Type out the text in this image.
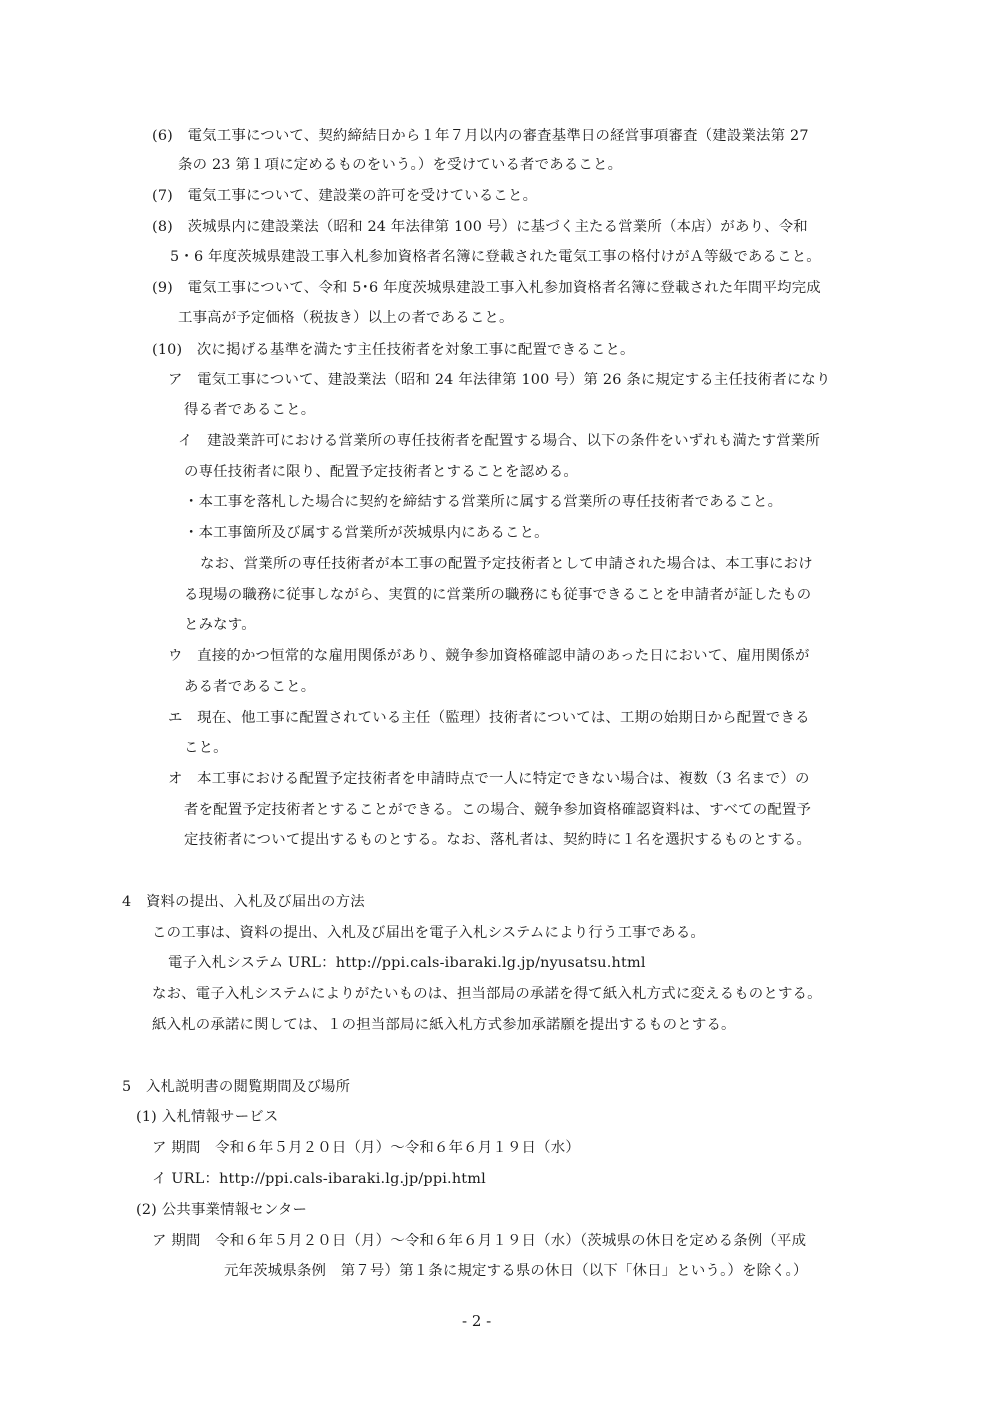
(6)　電気工事について、契約締結日から１年７月以内の審査基準日の経営事項審査（建設業法第 27
条の 23 第１項に定めるものをいう。）を受けている者であること。
(7)　電気工事について、建設業の許可を受けていること。
(8)　茨城県内に建設業法（昭和 24 年法律第 100 号）に基づく主たる営業所（本店）があり、令和
5・6 年度茨城県建設工事入札参加資格者名簿に登載された電気工事の格付けがＡ等級であること。
(9)　電気工事について、令和 5･6 年度茨城県建設工事入札参加資格者名簿に登載された年間平均完成
工事高が予定価格（税抜き）以上の者であること。
(10)　次に掲げる基準を満たす主任技術者を対象工事に配置できること。
ア　電気工事について、建設業法（昭和 24 年法律第 100 号）第 26 条に規定する主任技術者になり
得る者であること。
イ　建設業許可における営業所の専任技術者を配置する場合、以下の条件をいずれも満たす営業所
の専任技術者に限り、配置予定技術者とすることを認める。
・本工事を落札した場合に契約を締結する営業所に属する営業所の専任技術者であること。
・本工事箇所及び属する営業所が茨城県内にあること。
なお、営業所の専任技術者が本工事の配置予定技術者として申請された場合は、本工事におけ
る現場の職務に従事しながら、実質的に営業所の職務にも従事できることを申請者が証したもの
とみなす。
ウ　直接的かつ恒常的な雇用関係があり、競争参加資格確認申請のあった日において、雇用関係が
ある者であること。
エ　現在、他工事に配置されている主任（監理）技術者については、工期の始期日から配置できる
こと。
オ　本工事における配置予定技術者を申請時点で一人に特定できない場合は、複数（3 名まで）の
者を配置予定技術者とすることができる。この場合、競争参加資格確認資料は、すべての配置予
定技術者について提出するものとする。なお、落札者は、契約時に１名を選択するものとする。
4　資料の提出、入札及び届出の方法
この工事は、資料の提出、入札及び届出を電子入札システムにより行う工事である。
電子入札システム URL：http://ppi.cals-ibaraki.lg.jp/nyusatsu.html
なお、電子入札システムによりがたいものは、担当部局の承諾を得て紙入札方式に変えるものとする。
紙入札の承諾に関しては、１の担当部局に紙入札方式参加承諾願を提出するものとする。
5　入札説明書の閲覧期間及び場所
(1) 入札情報サービス
ア 期間　令和６年５月２０日（月）～令和６年６月１９日（水）
イ URL：http://ppi.cals-ibaraki.lg.jp/ppi.html
(2) 公共事業情報センター
ア 期間　令和６年５月２０日（月）～令和６年６月１９日（水）（茨城県の休日を定める条例（平成
元年茨城県条例　第７号）第１条に規定する県の休日（以下「休日」という。）を除く。）
- 2 -
